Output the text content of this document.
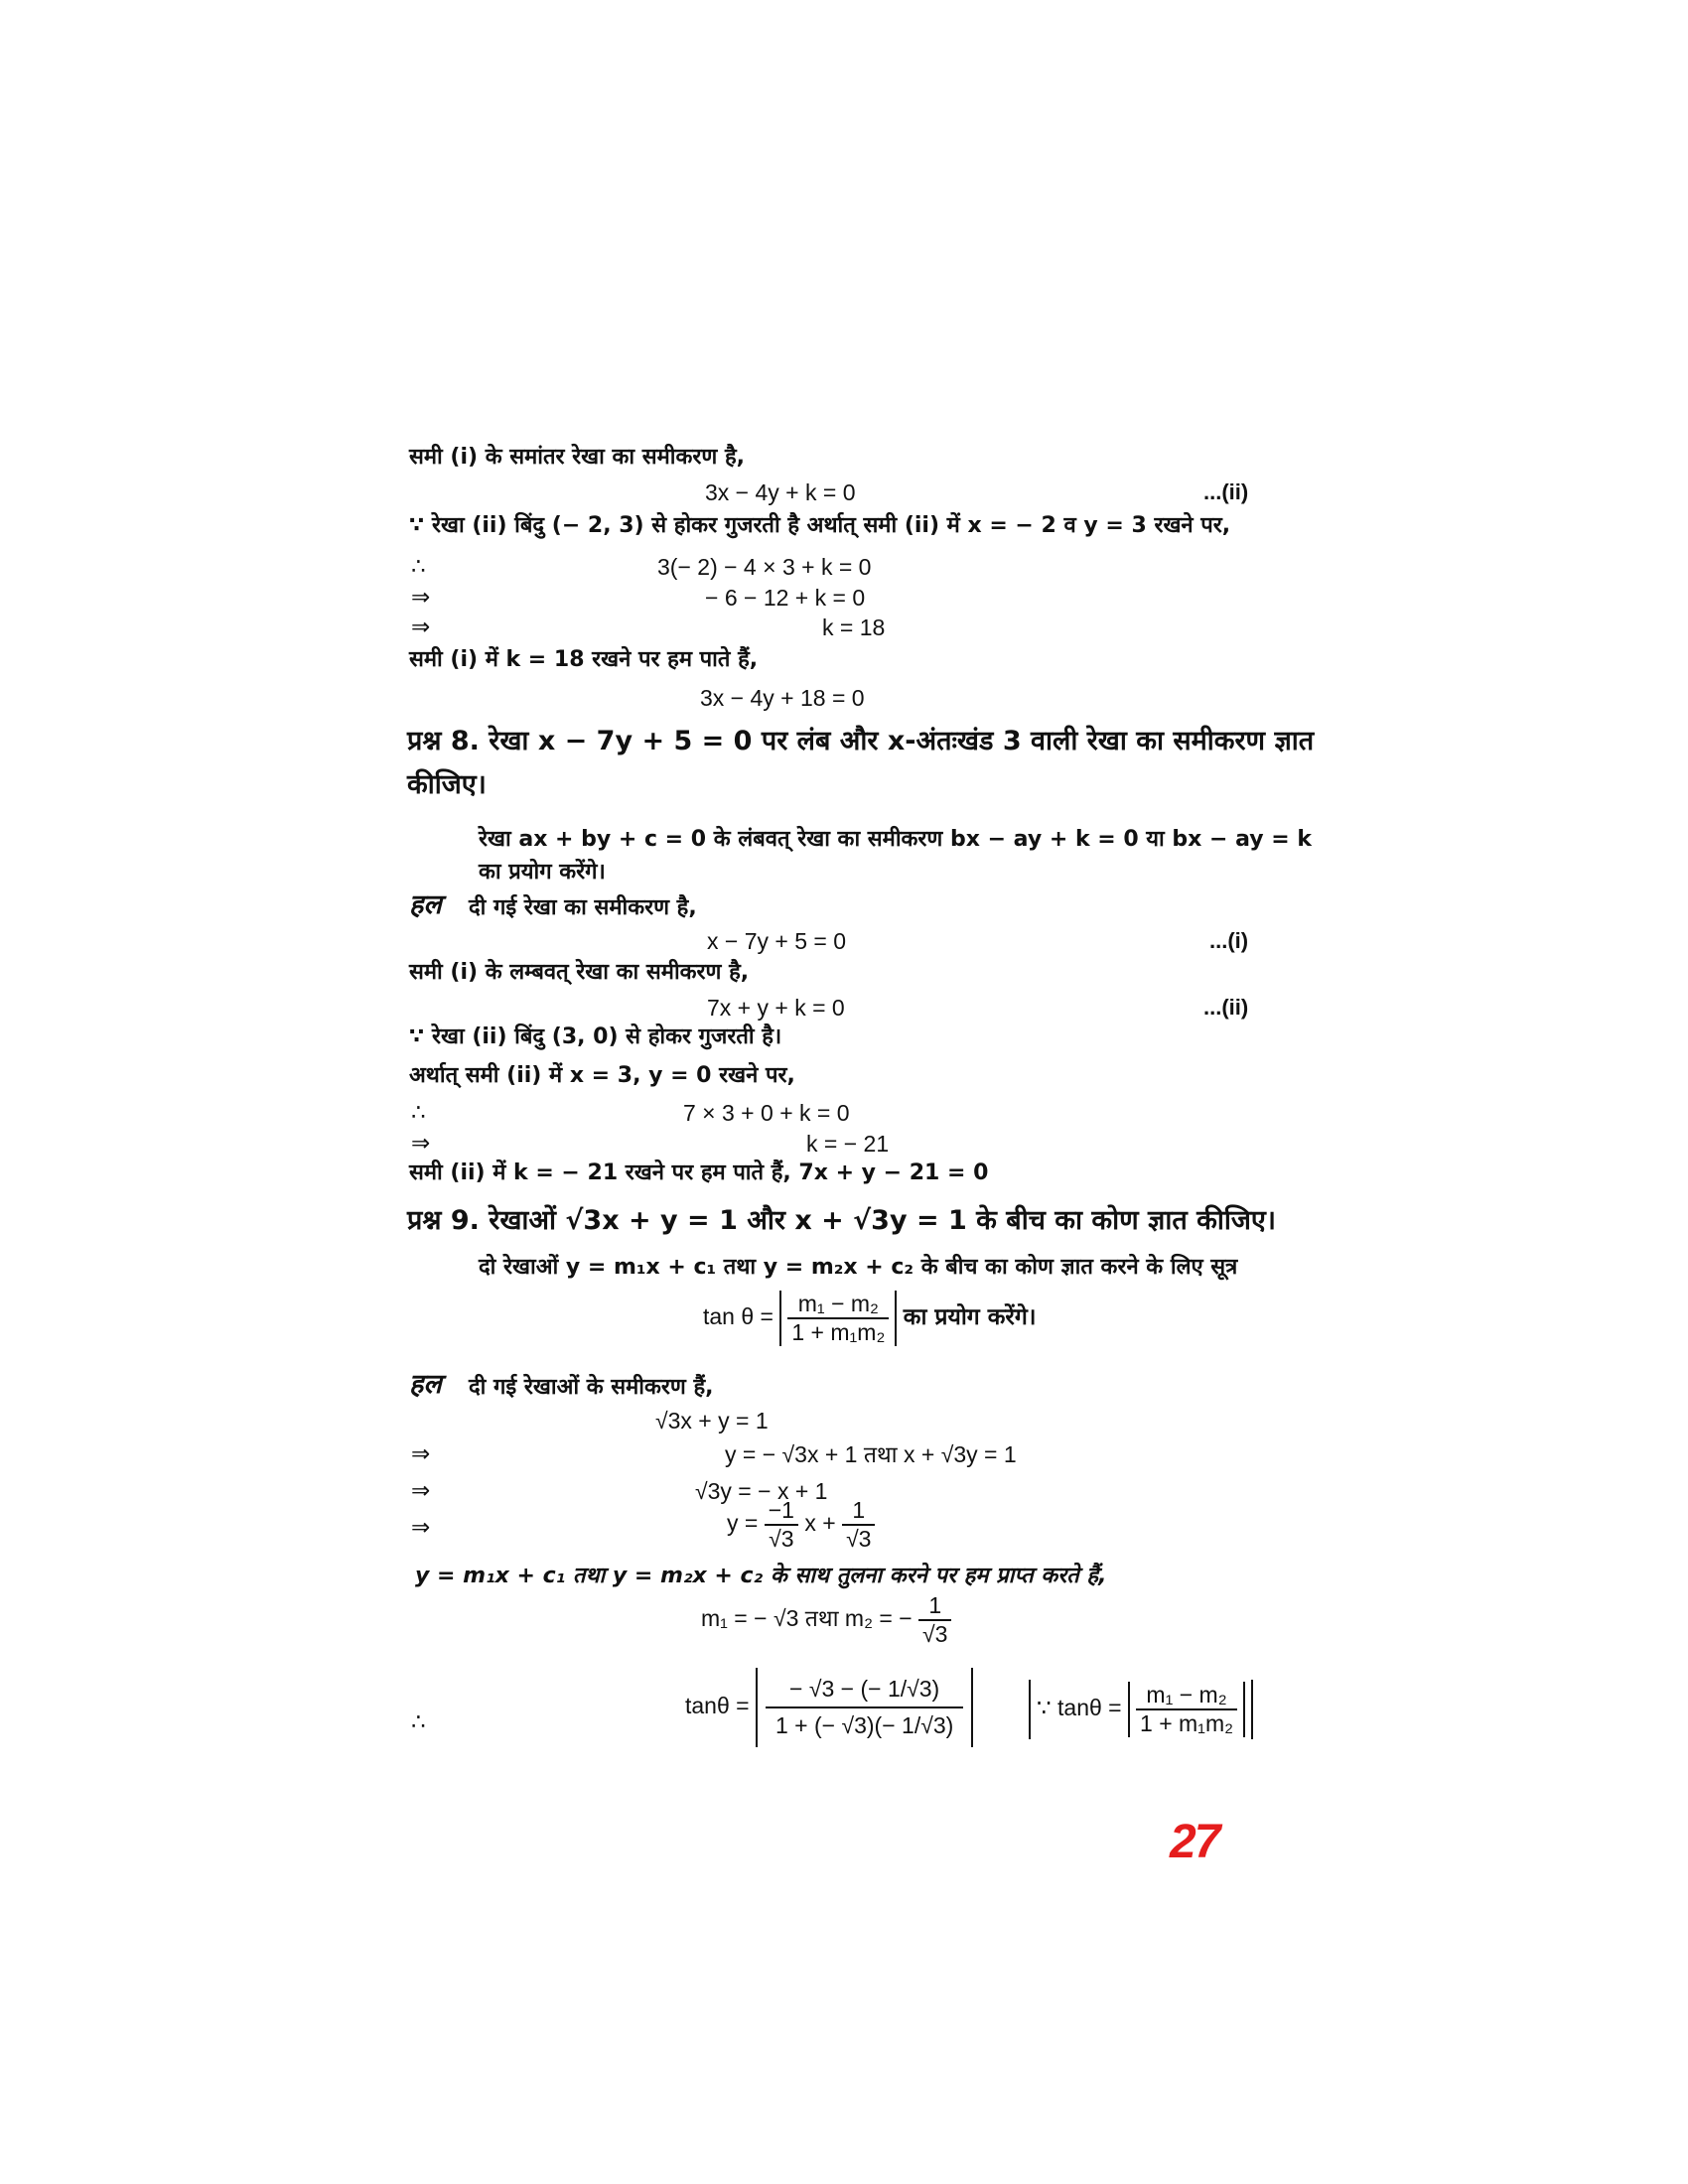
समी (i) के समांतर रेखा का समीकरण है,
3x − 4y + k = 0	...(ii)
∵ रेखा (ii) बिंदु (− 2, 3) से होकर गुजरती है अर्थात् समी (ii) में x = − 2 व y = 3 रखने पर,
∴	3(− 2) − 4 × 3 + k = 0
⇒	− 6 − 12 + k = 0
⇒	k = 18
समी (i) में k = 18 रखने पर हम पाते हैं,
3x − 4y + 18 = 0
प्रश्न 8. रेखा x − 7y + 5 = 0 पर लंब और x-अंतःखंड 3 वाली रेखा का समीकरण ज्ञात
कीजिए।
रेखा ax + by + c = 0 के लंबवत् रेखा का समीकरण bx − ay + k = 0 या bx − ay = k
का प्रयोग करेंगे।
हल दी गई रेखा का समीकरण है,
x − 7y + 5 = 0	...(i)
समी (i) के लम्बवत् रेखा का समीकरण है,
7x + y + k = 0	...(ii)
∵ रेखा (ii) बिंदु (3, 0) से होकर गुजरती है।
अर्थात् समी (ii) में x = 3, y = 0 रखने पर,
∴	7 × 3 + 0 + k = 0
⇒	k = − 21
समी (ii) में k = − 21 रखने पर हम पाते हैं, 7x + y − 21 = 0
प्रश्न 9. रेखाओं √3x + y = 1 और x + √3y = 1 के बीच का कोण ज्ञात कीजिए।
दो रेखाओं y = m₁x + c₁ तथा y = m₂x + c₂ के बीच का कोण ज्ञात करने के लिए सूत्र
$\tan \theta = \frac{\text{m₁ − m₂}}{\text{1 + m₁m₂}}$ का प्रयोग करेंगे।
हल दी गई रेखाओं के समीकरण हैं,
√3x + y = 1
⇒	y = − √3x + 1 तथा x + √3y = 1
⇒	√3y = − x + 1
⇒	$y = \frac{-1}{√3}$ $x + \frac{1}{√3}$
y = m₁x + c₁ तथा y = m₂x + c₂ के साथ तुलना करने पर हम प्राप्त करते हैं,
m₁ = − √3 तथा m₂ = − $\frac{1}{√3}$
∴
$\tan\theta = \frac{- √3 - (- 1/√3)}{1 + (- √3)(- 1/√3)}$	∵ $\tan\theta = \frac{\text{m₁ − m₂}}{\text{1 + m₁m₂}}$
27
